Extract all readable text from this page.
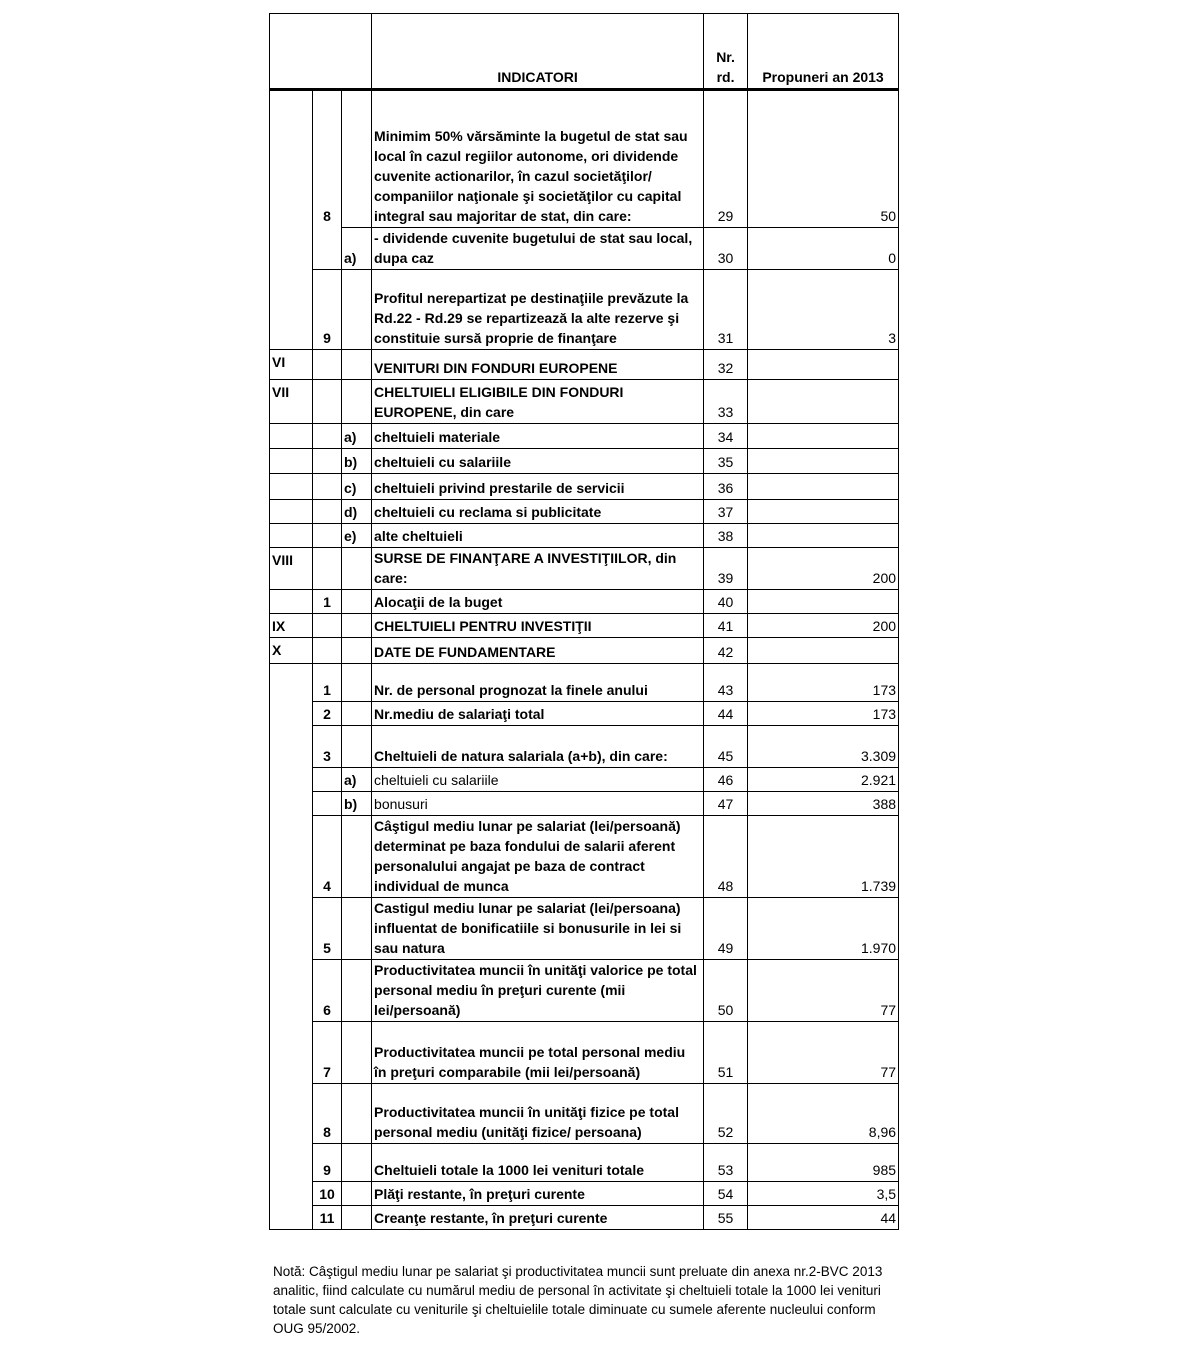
			INDICATORI	Nr.
rd.	Propuneri an 2013
	8		Minimim 50% vărsăminte la bugetul de stat sau local în cazul regiilor autonome, ori dividende cuvenite actionarilor, în cazul societăţilor/ companiilor naţionale şi societăţilor cu capital integral sau majoritar de stat, din care:	29	50
		a)	- dividende cuvenite bugetului de stat sau local, dupa caz	30	0
	9		Profitul nerepartizat pe destinaţiile prevăzute la Rd.22 - Rd.29 se repartizează la alte rezerve şi constituie sursă proprie de finanţare	31	3
VI			VENITURI DIN FONDURI EUROPENE	32	
VII			CHELTUIELI ELIGIBILE DIN FONDURI EUROPENE, din care	33	
		a)	cheltuieli materiale	34	
		b)	cheltuieli cu salariile	35	
		c)	cheltuieli privind prestarile de servicii	36	
		d)	cheltuieli cu reclama si publicitate	37	
		e)	alte cheltuieli	38	
VIII			SURSE DE FINANŢARE A INVESTIŢIILOR, din care:	39	200
	1		Alocaţii de la buget	40	
IX			CHELTUIELI PENTRU INVESTIŢII	41	200
X			DATE DE FUNDAMENTARE	42	
	1		Nr. de personal prognozat la finele anului	43	173
	2		Nr.mediu de salariaţi total	44	173
	3		Cheltuieli de natura salariala (a+b), din care:	45	3.309
		a)	cheltuieli cu salariile	46	2.921
		b)	bonusuri	47	388
	4		Câştigul mediu lunar pe salariat (lei/persoană) determinat pe baza fondului de salarii aferent personalului angajat pe baza de contract individual de munca	48	1.739
	5		Castigul mediu lunar pe salariat (lei/persoana) influentat de bonificatiile si bonusurile in lei si sau natura	49	1.970
	6		Productivitatea muncii în unităţi valorice pe total personal mediu în preţuri curente (mii lei/persoană)	50	77
	7		Productivitatea muncii pe total personal mediu în preţuri comparabile (mii lei/persoană)	51	77
	8		Productivitatea muncii în unităţi fizice pe total personal mediu (unităţi fizice/ persoana)	52	8,96
	9		Cheltuieli totale la 1000 lei venituri totale	53	985
	10		Plăţi restante, în preţuri curente	54	3,5
	11		Creanţe restante, în preţuri curente	55	44
Notă: Câştigul mediu lunar pe salariat şi productivitatea muncii sunt preluate din anexa nr.2-BVC 2013 analitic, fiind calculate cu numărul mediu de personal în activitate şi cheltuieli totale la 1000 lei venituri totale sunt calculate cu veniturile şi cheltuielile totale diminuate cu sumele aferente nucleului conform OUG 95/2002.
